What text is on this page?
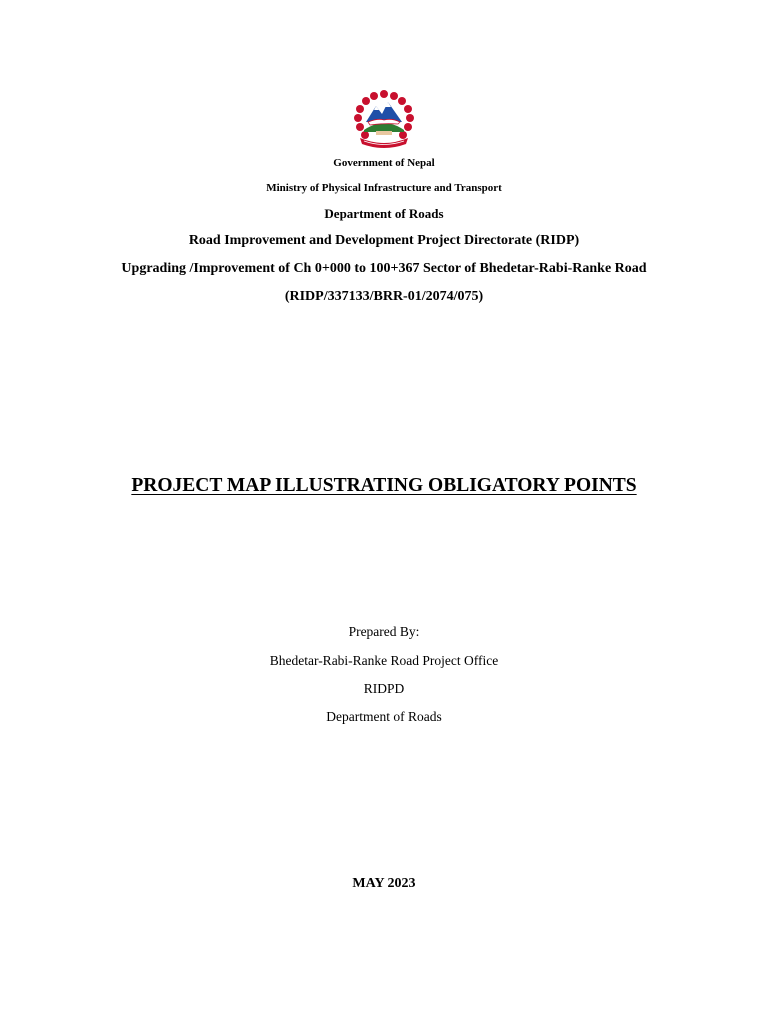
Government of Nepal
Ministry of Physical Infrastructure and Transport
Department of Roads
Road Improvement and Development Project Directorate (RIDP)
Upgrading /Improvement of Ch 0+000 to 100+367 Sector of Bhedetar-Rabi-Ranke Road
(RIDP/337133/BRR-01/2074/075)
PROJECT MAP ILLUSTRATING OBLIGATORY POINTS
Prepared By:
Bhedetar-Rabi-Ranke Road Project Office
RIDPD
Department of Roads
MAY 2023
